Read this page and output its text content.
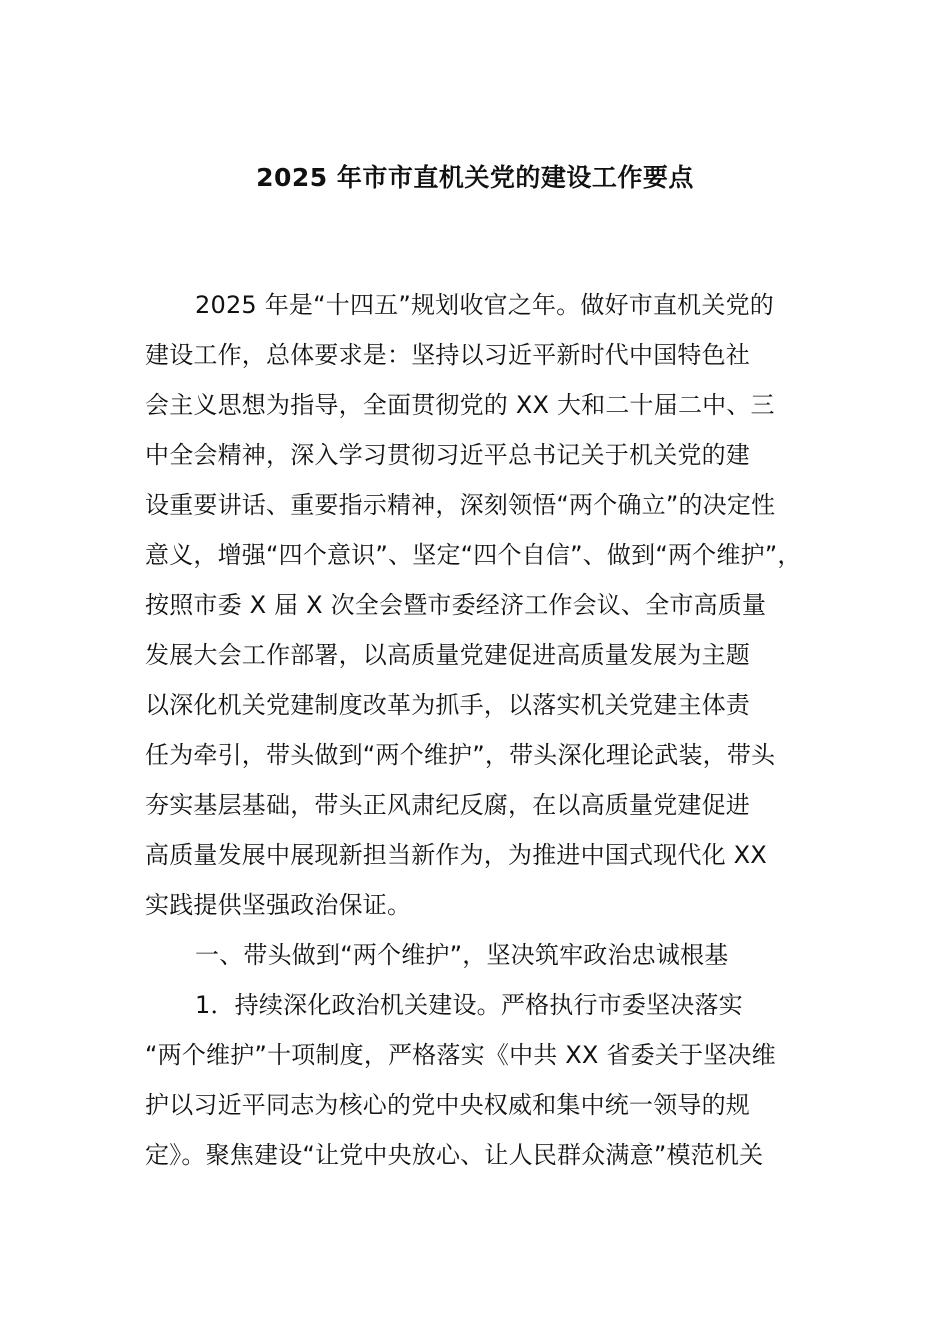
2025 年市市直机关党的建设工作要点
2025 年是“十四五”规划收官之年。做好市直机关党的
建设工作，总体要求是：坚持以习近平新时代中国特色社
会主义思想为指导，全面贯彻党的 XX 大和二十届二中、三
中全会精神，深入学习贯彻习近平总书记关于机关党的建
设重要讲话、重要指示精神，深刻领悟“两个确立”的决定性
意义，增强“四个意识”、坚定“四个自信”、做到“两个维护”，
按照市委 X 届 X 次全会暨市委经济工作会议、全市高质量
发展大会工作部署，以高质量党建促进高质量发展为主题
以深化机关党建制度改革为抓手，以落实机关党建主体责
任为牵引，带头做到“两个维护”，带头深化理论武装，带头
夯实基层基础，带头正风肃纪反腐，在以高质量党建促进
高质量发展中展现新担当新作为，为推进中国式现代化 XX
实践提供坚强政治保证。
一、带头做到“两个维护”，坚决筑牢政治忠诚根基
1．持续深化政治机关建设。严格执行市委坚决落实
“两个维护”十项制度，严格落实《中共 XX 省委关于坚决维
护以习近平同志为核心的党中央权威和集中统一领导的规
定》。聚焦建设“让党中央放心、让人民群众满意”模范机关
